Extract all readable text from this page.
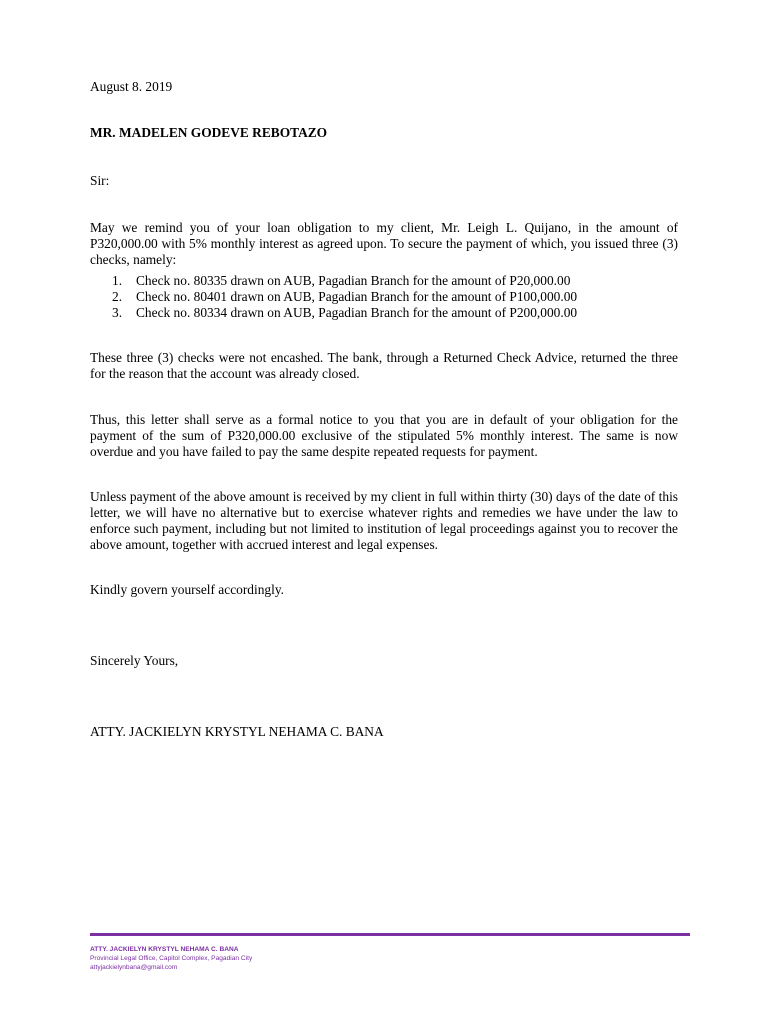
August 8. 2019
MR. MADELEN GODEVE REBOTAZO
Sir:
May we remind you of your loan obligation to my client, Mr. Leigh L. Quijano, in the amount of P320,000.00 with 5% monthly interest as agreed upon. To secure the payment of which, you issued three (3) checks, namely:
1. Check no. 80335 drawn on AUB, Pagadian Branch for the amount of P20,000.00
2. Check no. 80401 drawn on AUB, Pagadian Branch for the amount of P100,000.00
3. Check no. 80334 drawn on AUB, Pagadian Branch for the amount of P200,000.00
These three (3) checks were not encashed. The bank, through a Returned Check Advice, returned the three for the reason that the account was already closed.
Thus, this letter shall serve as a formal notice to you that you are in default of your obligation for the payment of the sum of P320,000.00 exclusive of the stipulated 5% monthly interest. The same is now overdue and you have failed to pay the same despite repeated requests for payment.
Unless payment of the above amount is received by my client in full within thirty (30) days of the date of this letter, we will have no alternative but to exercise whatever rights and remedies we have under the law to enforce such payment, including but not limited to institution of legal proceedings against you to recover the above amount, together with accrued interest and legal expenses.
Kindly govern yourself accordingly.
Sincerely Yours,
ATTY. JACKIELYN KRYSTYL NEHAMA C. BANA
ATTY. JACKIELYN KRYSTYL NEHAMA C. BANA
Provincial Legal Office, Capitol Complex, Pagadian City
attyjackielynbana@gmail.com
